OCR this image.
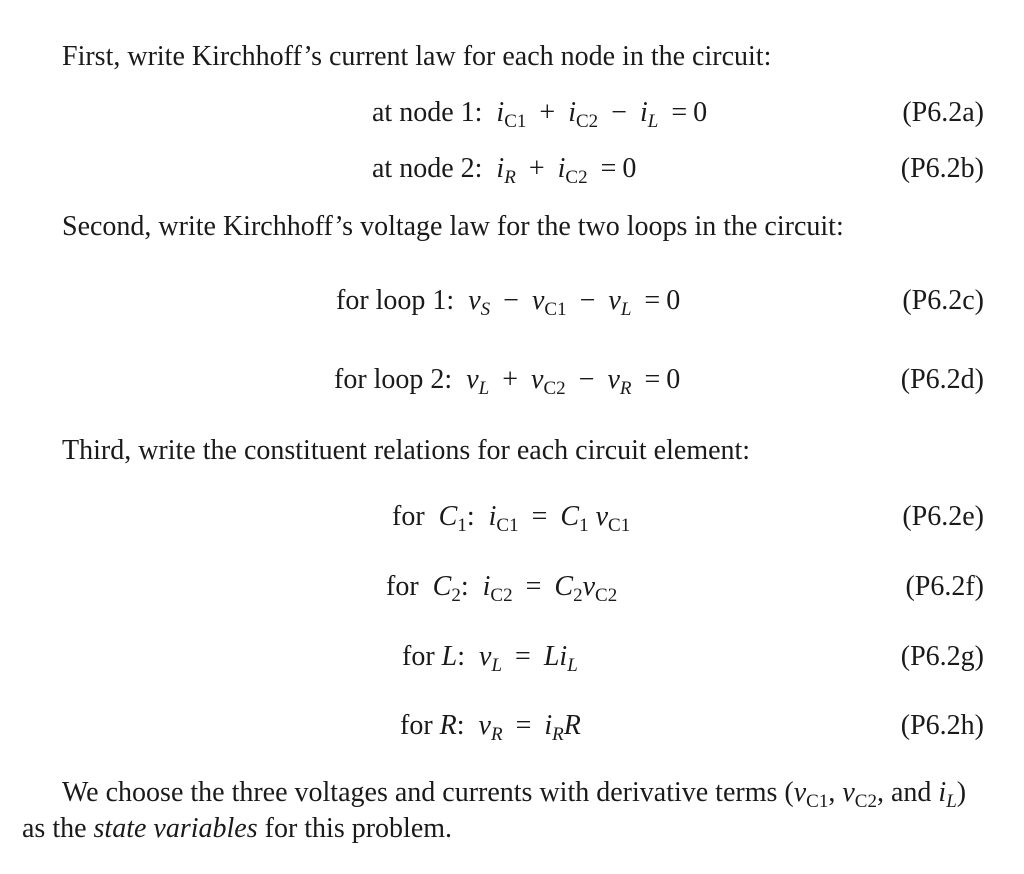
First, write Kirchhoff’s current law for each node in the circuit:
at node 1: $i_{C1} + i_{C2} - i_L = 0$	(P6.2a)
at node 2: $i_R + i_{C2} = 0$	(P6.2b)
Second, write Kirchhoff’s voltage law for the two loops in the circuit:
for loop 1: $v_S - v_{C1} - v_L = 0$	(P6.2c)
for loop 2: $v_L + v_{C2} - v_R = 0$	(P6.2d)
Third, write the constituent relations for each circuit element:
for $C_1$: $i_{C1} = C_1$ $v_{C1}$	(P6.2e)
for $C_2$: $i_{C2} = C_2v_{C2}$	(P6.2f)
for L: $v_L = Li_L$	(P6.2g)
for R: $v_R = i_RR$	(P6.2h)
We choose the three voltages and currents with derivative terms ($v_{C1}$, $v_{C2}$, and $i_L$)
as the state variables for this problem.
